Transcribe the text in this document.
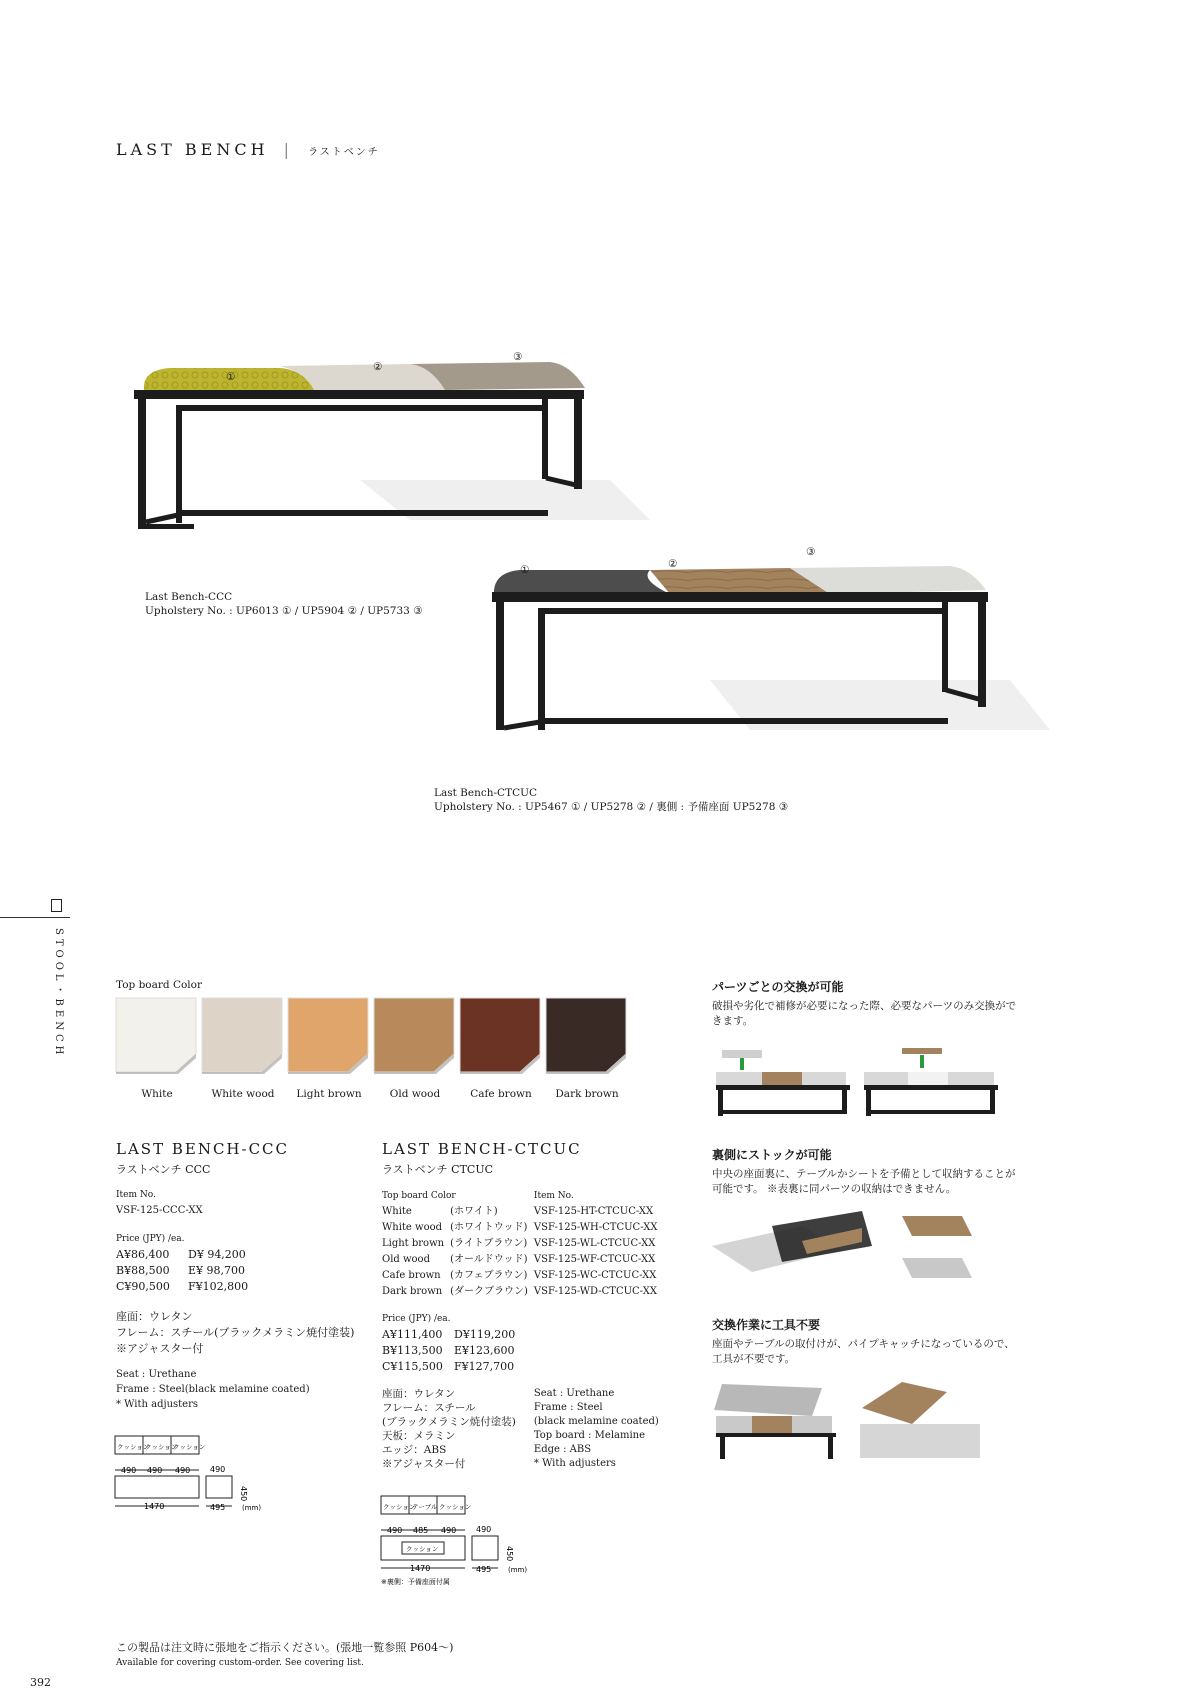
LAST BENCH | ラストベンチ
STOOL・BENCH
①
②
③
Last Bench-CCC
Upholstery No. : UP6013 ① / UP5904 ② / UP5733 ③
①	②
③
Last Bench-CTCUC
Upholstery No. : UP5467 ① / UP5278 ② / 裏側 : 予備座面 UP5278 ③
Top board Color
White	White wood	Light brown	Old wood	Cafe brown	Dark brown
LAST BENCH-CCC
ラストベンチ CCC
Item No.
VSF-125-CCC-XX
Price (JPY) /ea.
A¥86,400 D¥ 94,200
B¥88,500 E¥ 98,700
C¥90,500 F¥102,800
座面：ウレタン
フレーム：スチール(ブラックメラミン焼付塗装)
※アジャスター付
Seat : Urethane
Frame : Steel(black melamine coated)
* With adjusters
クッション
クッション
クッション
490 490 490
1470
490
495
450
(mm)
LAST BENCH-CTCUC
ラストベンチ CTCUC
Top board Color		Item No.
White	(ホワイト)	VSF-125-HT-CTCUC-XX
White wood	(ホワイトウッド)	VSF-125-WH-CTCUC-XX
Light brown	(ライトブラウン)	VSF-125-WL-CTCUC-XX
Old wood	(オールドウッド)	VSF-125-WF-CTCUC-XX
Cafe brown	(カフェブラウン)	VSF-125-WC-CTCUC-XX
Dark brown	(ダークブラウン)	VSF-125-WD-CTCUC-XX
Price (JPY) /ea.
A¥111,400 D¥119,200
B¥113,500 E¥123,600
C¥115,500 F¥127,700
座面：ウレタン
フレーム：スチール
(ブラックメラミン焼付塗装)
天板：メラミン
エッジ：ABS
※アジャスター付
Seat : Urethane
Frame : Steel
(black melamine coated)
Top board : Melamine
Edge : ABS
* With adjusters
クッション
テーブル クッション
490 485 490
クッション
1470
490
495
450
(mm)
※裏側：予備座面付属
パーツごとの交換が可能
破損や劣化で補修が必要になった際、必要なパーツのみ交換ができます。
裏側にストックが可能
中央の座面裏に、テーブルかシートを予備として収納することが可能です。 ※表裏に同パーツの収納はできません。
交換作業に工具不要
座面やテーブルの取付けが、パイプキャッチになっているので、工具が不要です。
この製品は注文時に張地をご指示ください。(張地一覧参照 P604〜)
Available for covering custom-order. See covering list.
392
